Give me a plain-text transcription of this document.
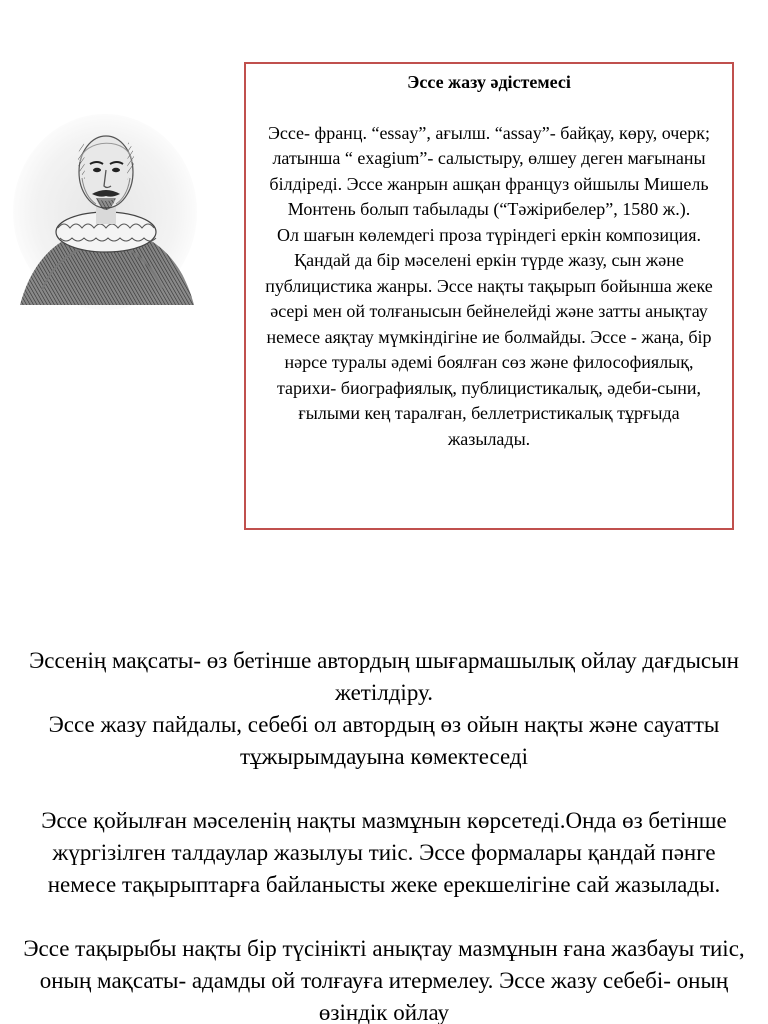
Эссе жазу әдістемесі

Эссе- франц. “essay”, ағылш. “assay”- байқау, көру, очерк; латынша “ exagium”- салыстыру, өлшеу деген мағынаны білдіреді. Эссе жанрын ашқан француз ойшылы Мишель Монтень болып табылады (“Тәжірибелер”, 1580 ж.).

Ол шағын көлемдегі проза түріндегі еркін композиция. Қандай да бір мәселені еркін түрде жазу, сын және публицистика жанры. Эссе нақты тақырып бойынша жеке әсері мен ой толғанысын бейнелейді және затты анықтау немесе аяқтау мүмкіндігіне ие болмайды. Эссе - жаңа, бір нәрсе туралы әдемі боялған сөз және философиялық, тарихи- биографиялық, публицистикалық, әдеби-сыни, ғылыми кең таралған, беллетристикалық тұрғыда жазылады.

Эссенің мақсаты- өз бетінше автордың шығармашылық ойлау дағдысын жетілдіру.

Эссе жазу пайдалы, себебі ол автордың өз ойын нақты және сауатты тұжырымдауына көмектеседі

Эссе қойылған мәселенің нақты мазмұнын көрсетеді.Онда өз бетінше жүргізілген талдаулар жазылуы тиіс. Эссе формалары қандай пәнге немесе тақырыптарға байланысты жеке ерекшелігіне сай жазылады.

Эссе тақырыбы нақты бір түсінікті анықтау мазмұнын ғана жазбауы тиіс, оның мақсаты- адамды ой толғауға итермелеу. Эссе жазу себебі- оның өзіндік ойлау
